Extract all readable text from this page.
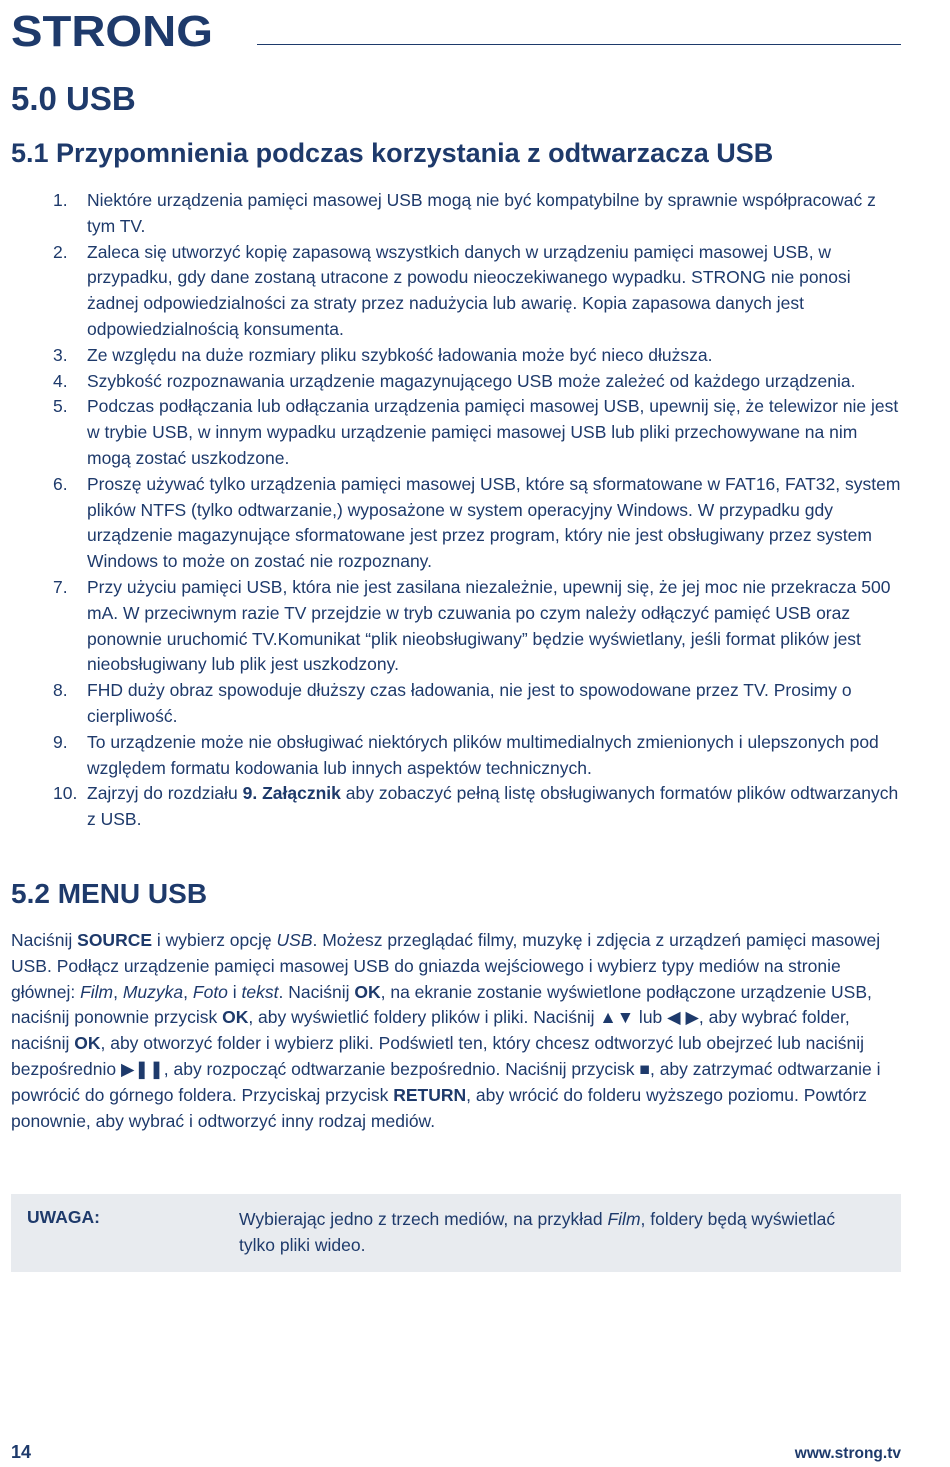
STRONG
5.0 USB
5.1 Przypomnienia podczas korzystania z odtwarzacza USB
1. Niektóre urządzenia pamięci masowej USB mogą nie być kompatybilne by sprawnie współpracować z tym TV.
2. Zaleca się utworzyć kopię zapasową wszystkich danych w urządzeniu pamięci masowej USB, w przypadku, gdy dane zostaną utracone z powodu nieoczekiwanego wypadku. STRONG nie ponosi żadnej odpowiedzialności za straty przez nadużycia lub awarię. Kopia zapasowa danych jest odpowiedzialnością konsumenta.
3. Ze względu na duże rozmiary pliku szybkość ładowania może być nieco dłuższa.
4. Szybkość rozpoznawania urządzenie magazynującego USB może zależeć od każdego urządzenia.
5. Podczas podłączania lub odłączania urządzenia pamięci masowej USB, upewnij się, że telewizor nie jest w trybie USB, w innym wypadku urządzenie pamięci masowej USB lub pliki przechowywane na nim mogą zostać uszkodzone.
6. Proszę używać tylko urządzenia pamięci masowej USB, które są sformatowane w FAT16, FAT32, system plików NTFS (tylko odtwarzanie,) wyposażone w system operacyjny Windows. W przypadku gdy urządzenie magazynujące sformatowane jest przez program, który nie jest obsługiwany przez system Windows to może on zostać nie rozpoznany.
7. Przy użyciu pamięci USB, która nie jest zasilana niezależnie, upewnij się, że jej moc nie przekracza 500 mA. W przeciwnym razie TV przejdzie w tryb czuwania po czym należy odłączyć pamięć USB oraz ponownie uruchomić TV.Komunikat “plik nieobsługiwany” będzie wyświetlany, jeśli format plików jest nieobsługiwany lub plik jest uszkodzony.
8. FHD duży obraz spowoduje dłuższy czas ładowania, nie jest to spowodowane przez TV. Prosimy o cierpliwość.
9. To urządzenie może nie obsługiwać niektórych plików multimedialnych zmienionych i ulepszonych pod względem formatu kodowania lub innych aspektów technicznych.
10. Zajrzyj do rozdziału 9. Załącznik aby zobaczyć pełną listę obsługiwanych formatów plików odtwarzanych z USB.
5.2 MENU USB

Naciśnij SOURCE i wybierz opcję USB. Możesz przeglądać filmy, muzykę i zdjęcia z urządzeń pamięci masowej USB. Podłącz urządzenie pamięci masowej USB do gniazda wejściowego i wybierz typy mediów na stronie głównej: Film, Muzyka, Foto i tekst. Naciśnij OK, na ekranie zostanie wyświetlone podłączone urządzenie USB, naciśnij ponownie przycisk OK, aby wyświetlić foldery plików i pliki. Naciśnij ▲▼ lub ◀ ▶, aby wybrać folder, naciśnij OK, aby otworzyć folder i wybierz pliki. Podświetl ten, który chcesz odtworzyć lub obejrzeć lub naciśnij bezpośrednio ▶❚❚, aby rozpocząć odtwarzanie bezpośrednio. Naciśnij przycisk ■, aby zatrzymać odtwarzanie i powrócić do górnego foldera. Przyciskaj przycisk RETURN, aby wrócić do folderu wyższego poziomu. Powtórz ponownie, aby wybrać i odtworzyć inny rodzaj mediów.

UWAGA:	Wybierając jedno z trzech mediów, na przykład Film, foldery będą wyświetlać tylko pliki wideo.
14	www.strong.tv
